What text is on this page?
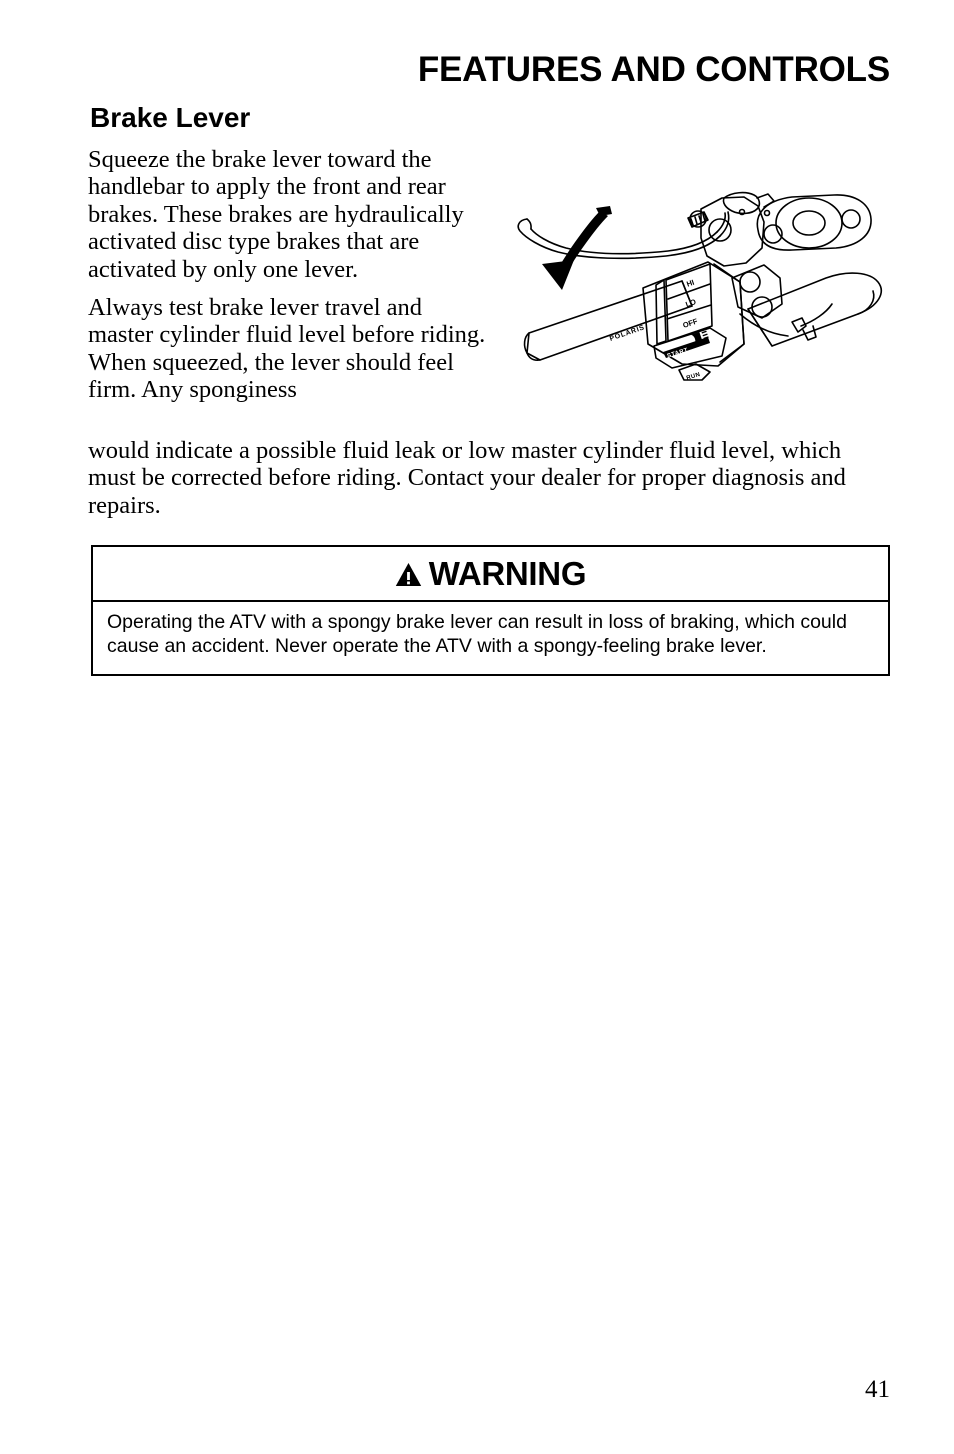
FEATURES AND CONTROLS
Brake Lever

Squeeze the brake lever toward the handlebar to apply the front and rear brakes. These brakes are hydraulically activated disc type brakes that are activated by only one lever.

Always test brake lever travel and master cylinder fluid level before riding. When squeezed, the lever should feel firm. Any sponginess

would indicate a possible fluid leak or low master cylinder fluid level, which must be corrected before riding. Contact your dealer for proper diagnosis and repairs.

POLARIS
HI
LO
OFF
START
RUN
WARNING

Operating the ATV with a spongy brake lever can result in loss of braking, which could cause an accident. Never operate the ATV with a spongy-feeling brake lever.

41
